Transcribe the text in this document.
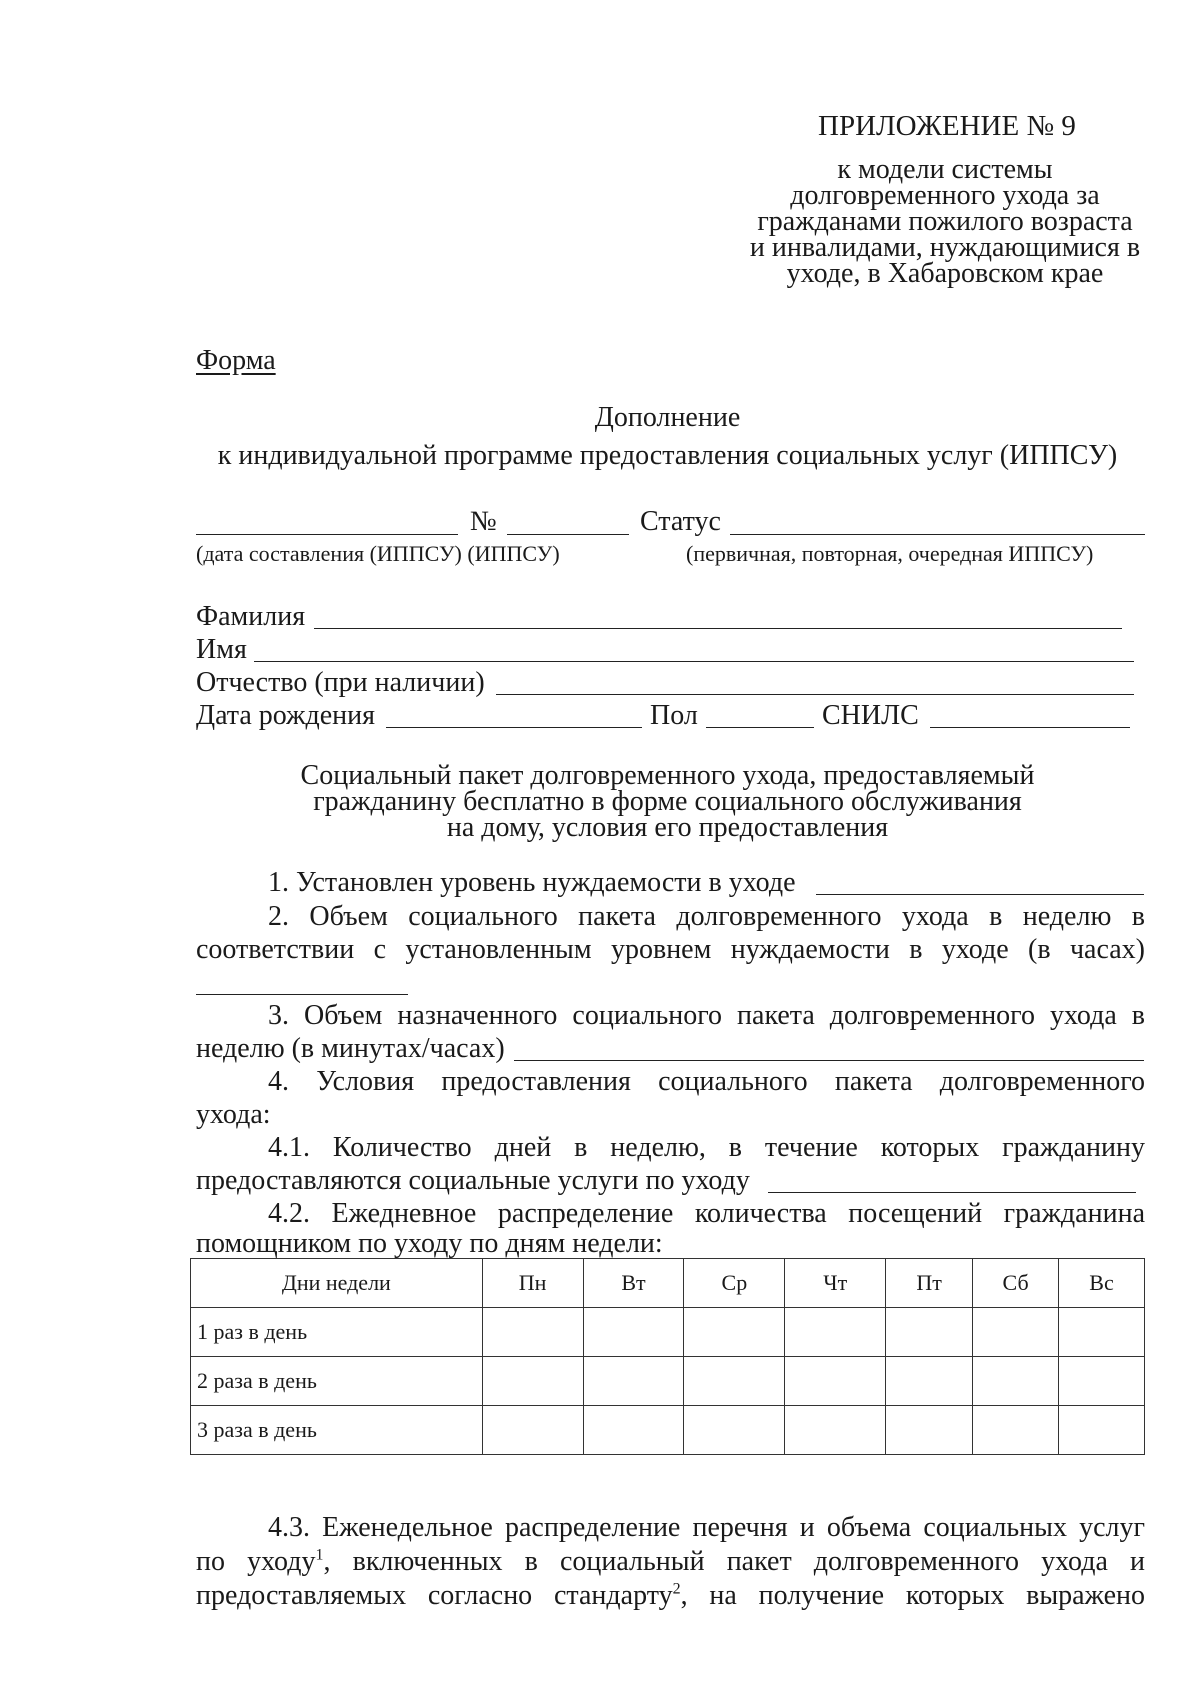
ПРИЛОЖЕНИЕ № 9
к модели системы
долговременного ухода за
гражданами пожилого возраста
и инвалидами, нуждающимися в
уходе, в Хабаровском крае
Форма
Дополнение
к индивидуальной программе предоставления социальных услуг (ИППСУ)
№	Статус
(дата составления (ИППСУ) (ИППСУ)	(первичная, повторная, очередная ИППСУ)
Фамилия
Имя
Отчество (при наличии)
Дата рождения	Пол	СНИЛС
Социальный пакет долговременного ухода, предоставляемый
гражданину бесплатно в форме социального обслуживания
на дому, условия его предоставления
1. Установлен уровень нуждаемости в уходе
2. Объем социального пакета долговременного ухода в неделю в
соответствии с установленным уровнем нуждаемости в уходе (в часах)
3. Объем назначенного социального пакета долговременного ухода в
неделю (в минутах/часах)
4. Условия предоставления социального пакета долговременного
ухода:
4.1. Количество дней в неделю, в течение которых гражданину
предоставляются социальные услуги по уходу
4.2. Ежедневное распределение количества посещений гражданина
помощником по уходу по дням недели:
Дни недели	Пн	Вт	Ср	Чт	Пт	Сб	Вс
1 раз в день							
2 раза в день							
3 раза в день							
4.3. Еженедельное распределение перечня и объема социальных услуг
по уходу$^1$, включенных в социальный пакет долговременного ухода и
предоставляемых согласно стандарту$^2$, на получение которых выражено
